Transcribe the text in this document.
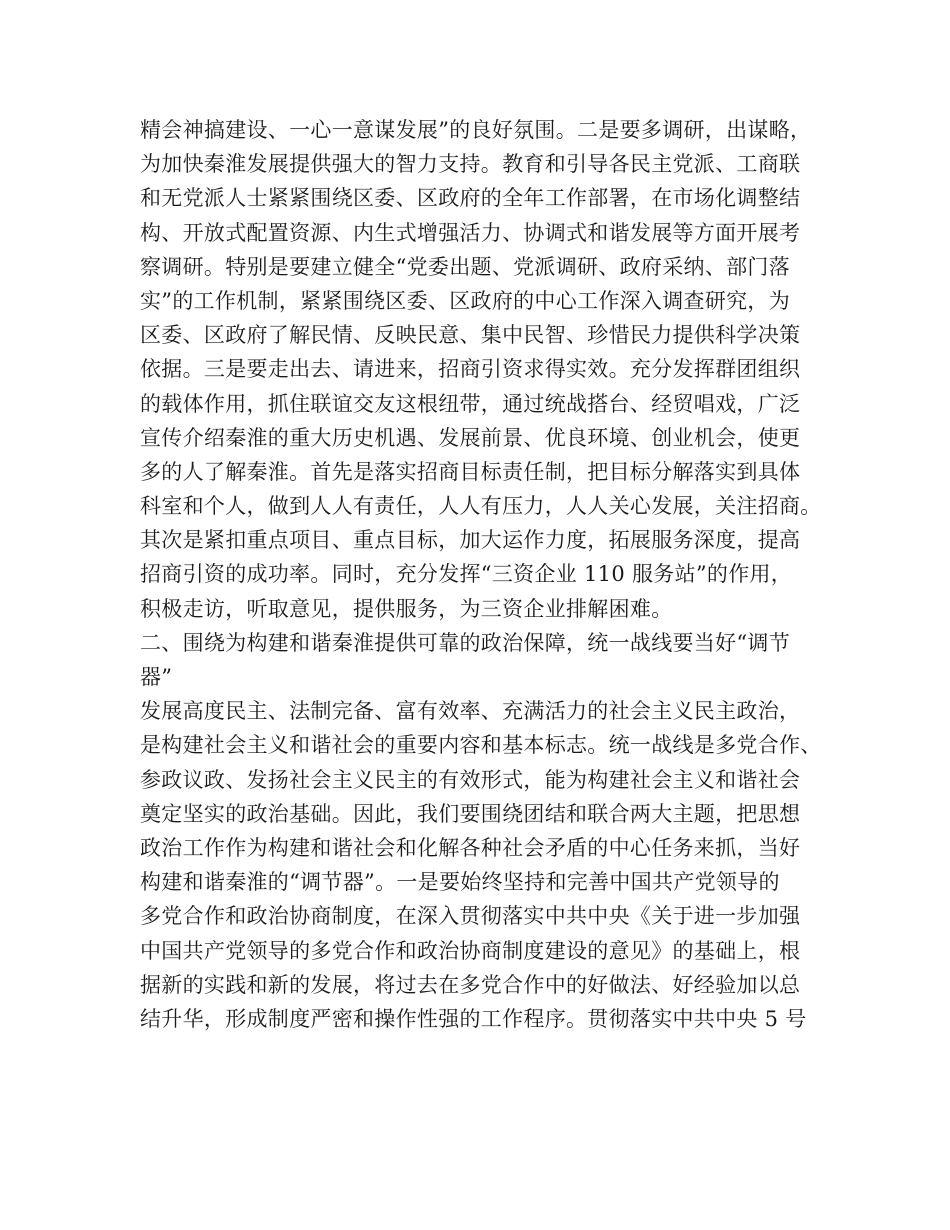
精会神搞建设、一心一意谋发展”的良好氛围。二是要多调研，出谋略，
为加快秦淮发展提供强大的智力支持。教育和引导各民主党派、工商联
和无党派人士紧紧围绕区委、区政府的全年工作部署，在市场化调整结
构、开放式配置资源、内生式增强活力、协调式和谐发展等方面开展考
察调研。特别是要建立健全“党委出题、党派调研、政府采纳、部门落
实”的工作机制，紧紧围绕区委、区政府的中心工作深入调查研究，为
区委、区政府了解民情、反映民意、集中民智、珍惜民力提供科学决策
依据。三是要走出去、请进来，招商引资求得实效。充分发挥群团组织
的载体作用，抓住联谊交友这根纽带，通过统战搭台、经贸唱戏，广泛
宣传介绍秦淮的重大历史机遇、发展前景、优良环境、创业机会，使更
多的人了解秦淮。首先是落实招商目标责任制，把目标分解落实到具体
科室和个人，做到人人有责任，人人有压力，人人关心发展，关注招商。
其次是紧扣重点项目、重点目标，加大运作力度，拓展服务深度，提高
招商引资的成功率。同时，充分发挥“三资企业 110 服务站”的作用，
积极走访，听取意见，提供服务，为三资企业排解困难。
二、围绕为构建和谐秦淮提供可靠的政治保障，统一战线要当好“调节
器”
发展高度民主、法制完备、富有效率、充满活力的社会主义民主政治，
是构建社会主义和谐社会的重要内容和基本标志。统一战线是多党合作、
参政议政、发扬社会主义民主的有效形式，能为构建社会主义和谐社会
奠定坚实的政治基础。因此，我们要围绕团结和联合两大主题，把思想
政治工作作为构建和谐社会和化解各种社会矛盾的中心任务来抓，当好
构建和谐秦淮的“调节器”。一是要始终坚持和完善中国共产党领导的
多党合作和政治协商制度，在深入贯彻落实中共中央《关于进一步加强
中国共产党领导的多党合作和政治协商制度建设的意见》的基础上，根
据新的实践和新的发展，将过去在多党合作中的好做法、好经验加以总
结升华，形成制度严密和操作性强的工作程序。贯彻落实中共中央 5 号
